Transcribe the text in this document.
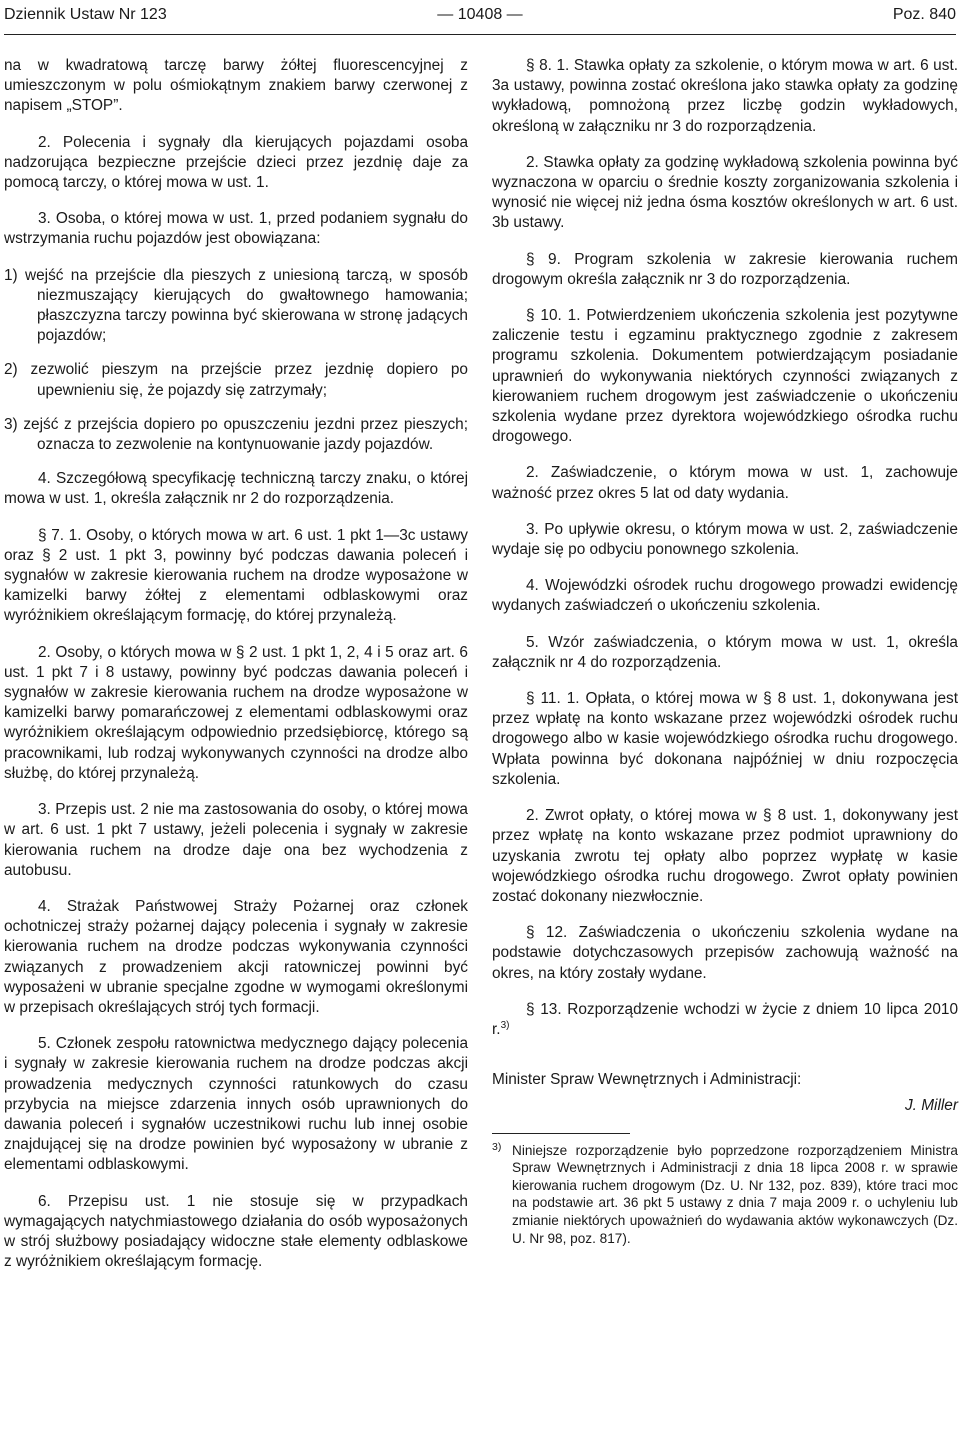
Dziennik Ustaw Nr 123	— 10408 —	Poz. 840

na w kwadratową tarczę barwy żółtej fluorescencyjnej z umieszczonym w polu ośmiokątnym znakiem barwy czerwonej z napisem „STOP”.

2. Polecenia i sygnały dla kierujących pojazdami osoba nadzorująca bezpieczne przejście dzieci przez jezdnię daje za pomocą tarczy, o której mowa w ust. 1.

3. Osoba, o której mowa w ust. 1, przed podaniem sygnału do wstrzymania ruchu pojazdów jest obowiązana:

1) wejść na przejście dla pieszych z uniesioną tarczą, w sposób niezmuszający kierujących do gwałtownego hamowania; płaszczyzna tarczy powinna być skierowana w stronę jadących pojazdów;

2) zezwolić pieszym na przejście przez jezdnię dopiero po upewnieniu się, że pojazdy się zatrzymały;

3) zejść z przejścia dopiero po opuszczeniu jezdni przez pieszych; oznacza to zezwolenie na kontynuowanie jazdy pojazdów.

4. Szczegółową specyfikację techniczną tarczy znaku, o której mowa w ust. 1, określa załącznik nr 2 do rozporządzenia.

§ 7. 1. Osoby, o których mowa w art. 6 ust. 1 pkt 1—3c ustawy oraz § 2 ust. 1 pkt 3, powinny być podczas dawania poleceń i sygnałów w zakresie kierowania ruchem na drodze wyposażone w kamizelki barwy żółtej z elementami odblaskowymi oraz wyróżnikiem określającym formację, do której przynależą.

2. Osoby, o których mowa w § 2 ust. 1 pkt 1, 2, 4 i 5 oraz art. 6 ust. 1 pkt 7 i 8 ustawy, powinny być podczas dawania poleceń i sygnałów w zakresie kierowania ruchem na drodze wyposażone w kamizelki barwy pomarańczowej z elementami odblaskowymi oraz wyróżnikiem określającym odpowiednio przedsiębiorcę, którego są pracownikami, lub rodzaj wykonywanych czynności na drodze albo służbę, do której przynależą.

3. Przepis ust. 2 nie ma zastosowania do osoby, o której mowa w art. 6 ust. 1 pkt 7 ustawy, jeżeli polecenia i sygnały w zakresie kierowania ruchem na drodze daje ona bez wychodzenia z autobusu.

4. Strażak Państwowej Straży Pożarnej oraz członek ochotniczej straży pożarnej dający polecenia i sygnały w zakresie kierowania ruchem na drodze podczas wykonywania czynności związanych z prowadzeniem akcji ratowniczej powinni być wyposażeni w ubranie specjalne zgodne w wymogami określonymi w przepisach określających strój tych formacji.

5. Członek zespołu ratownictwa medycznego dający polecenia i sygnały w zakresie kierowania ruchem na drodze podczas akcji prowadzenia medycznych czynności ratunkowych do czasu przybycia na miejsce zdarzenia innych osób uprawnionych do dawania poleceń i sygnałów uczestnikowi ruchu lub innej osobie znajdującej się na drodze powinien być wyposażony w ubranie z elementami odblaskowymi.

6. Przepisu ust. 1 nie stosuje się w przypadkach wymagających natychmiastowego działania do osób wyposażonych w strój służbowy posiadający widoczne stałe elementy odblaskowe z wyróżnikiem określającym formację.

§ 8. 1. Stawka opłaty za szkolenie, o którym mowa w art. 6 ust. 3a ustawy, powinna zostać określona jako stawka opłaty za godzinę wykładową, pomnożoną przez liczbę godzin wykładowych, określoną w załączniku nr 3 do rozporządzenia.

2. Stawka opłaty za godzinę wykładową szkolenia powinna być wyznaczona w oparciu o średnie koszty zorganizowania szkolenia i wynosić nie więcej niż jedna ósma kosztów określonych w art. 6 ust. 3b ustawy.

§ 9. Program szkolenia w zakresie kierowania ruchem drogowym określa załącznik nr 3 do rozporządzenia.

§ 10. 1. Potwierdzeniem ukończenia szkolenia jest pozytywne zaliczenie testu i egzaminu praktycznego zgodnie z zakresem programu szkolenia. Dokumentem potwierdzającym posiadanie uprawnień do wykonywania niektórych czynności związanych z kierowaniem ruchem drogowym jest zaświadczenie o ukończeniu szkolenia wydane przez dyrektora wojewódzkiego ośrodka ruchu drogowego.

2. Zaświadczenie, o którym mowa w ust. 1, zachowuje ważność przez okres 5 lat od daty wydania.

3. Po upływie okresu, o którym mowa w ust. 2, zaświadczenie wydaje się po odbyciu ponownego szkolenia.

4. Wojewódzki ośrodek ruchu drogowego prowadzi ewidencję wydanych zaświadczeń o ukończeniu szkolenia.

5. Wzór zaświadczenia, o którym mowa w ust. 1, określa załącznik nr 4 do rozporządzenia.

§ 11. 1. Opłata, o której mowa w § 8 ust. 1, dokonywana jest przez wpłatę na konto wskazane przez wojewódzki ośrodek ruchu drogowego albo w kasie wojewódzkiego ośrodka ruchu drogowego. Wpłata powinna być dokonana najpóźniej w dniu rozpoczęcia szkolenia.

2. Zwrot opłaty, o której mowa w § 8 ust. 1, dokonywany jest przez wpłatę na konto wskazane przez podmiot uprawniony do uzyskania zwrotu tej opłaty albo poprzez wypłatę w kasie wojewódzkiego ośrodka ruchu drogowego. Zwrot opłaty powinien zostać dokonany niezwłocznie.

§ 12. Zaświadczenia o ukończeniu szkolenia wydane na podstawie dotychczasowych przepisów zachowują ważność na okres, na który zostały wydane.

§ 13. Rozporządzenie wchodzi w życie z dniem 10 lipca 2010 r.$^{3)}$

Minister Spraw Wewnętrznych i Administracji:

J. Miller

3) Niniejsze rozporządzenie było poprzedzone rozporządzeniem Ministra Spraw Wewnętrznych i Administracji z dnia 18 lipca 2008 r. w sprawie kierowania ruchem drogowym (Dz. U. Nr 132, poz. 839), które traci moc na podstawie art. 36 pkt 5 ustawy z dnia 7 maja 2009 r. o uchyleniu lub zmianie niektórych upoważnień do wydawania aktów wykonawczych (Dz. U. Nr 98, poz. 817).
